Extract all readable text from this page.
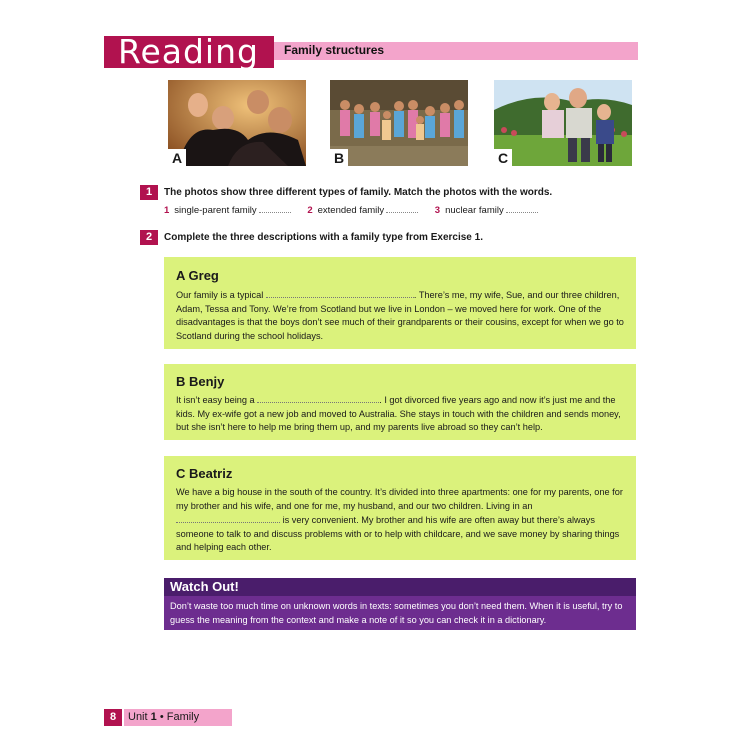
Reading Family structures
A	B	C
1	The photos show three different types of family. Match the photos with the words.
1 single-parent family	2 extended family	3 nuclear family
2	Complete the three descriptions with a family type from Exercise 1.
A Greg
Our family is a typical	. There’s me, my wife, Sue, and our three children, Adam, Tessa and Tony. We’re from Scotland but we live in London – we moved here for work. One of the disadvantages is that the boys don’t see much of their grandparents or their cousins, except for when we go to Scotland during the school holidays.
B Benjy
It isn’t easy being a	. I got divorced five years ago and now it’s just me and the kids. My ex-wife got a new job and moved to Australia. She stays in touch with the children and sends money, but she isn’t here to help me bring them up, and my parents live abroad so they can’t help.
C Beatriz
We have a big house in the south of the country. It’s divided into three apartments: one for my parents, one for my brother and his wife, and one for me, my husband, and our two children. Living in an  is very convenient. My brother and his wife are often away but there’s always someone to talk to and discuss problems with or to help with childcare, and we save money by sharing things and helping each other.
Watch Out!
Don’t waste too much time on unknown words in texts: sometimes you don’t need them. When it is useful, try to guess the meaning from the context and make a note of it so you can check it in a dictionary.
8	Unit 1 • Family
